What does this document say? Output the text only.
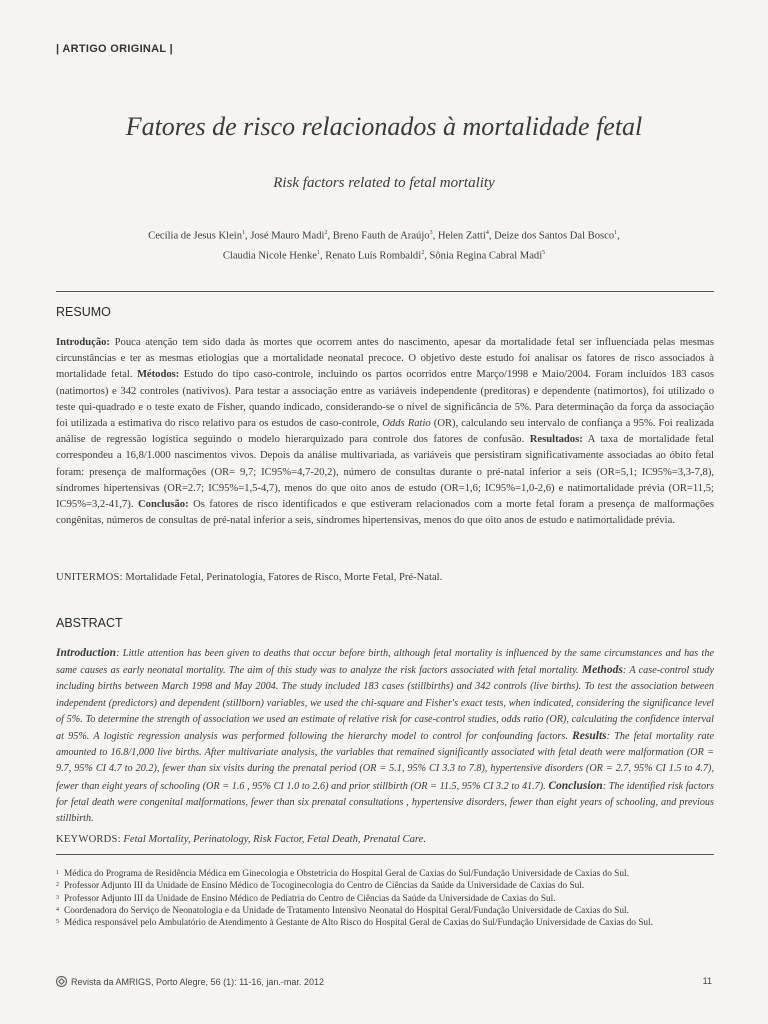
| ARTIGO ORIGINAL |
Fatores de risco relacionados à mortalidade fetal
Risk factors related to fetal mortality
Cecília de Jesus Klein$^1$, José Mauro Madi$^2$, Breno Fauth de Araújo$^3$, Helen Zatti$^4$, Deize dos Santos Dal Bosco$^1$,
Claudia Nicole Henke$^1$, Renato Luís Rombaldi$^2$, Sônia Regina Cabral Madi$^5$
RESUMO
Introdução: Pouca atenção tem sido dada às mortes que ocorrem antes do nascimento, apesar da mortalidade fetal ser influenciada pelas mesmas circunstâncias e ter as mesmas etiologias que a mortalidade neonatal precoce. O objetivo deste estudo foi analisar os fatores de risco associados à mortalidade fetal. Métodos: Estudo do tipo caso-controle, incluindo os partos ocorridos entre Março/1998 e Maio/2004. Foram incluídos 183 casos (natimortos) e 342 controles (nativivos). Para testar a associação entre as variáveis independente (preditoras) e dependente (natimortos), foi utilizado o teste qui-quadrado e o teste exato de Fisher, quando indicado, considerando-se o nível de significância de 5%. Para determinação da força da associação foi utilizada a estimativa do risco relativo para os estudos de caso-controle, Odds Ratio (OR), calculando seu intervalo de confiança a 95%. Foi realizada análise de regressão logística seguindo o modelo hierarquizado para controle dos fatores de confusão. Resultados: A taxa de mortalidade fetal correspondeu a 16,8/1.000 nascimentos vivos. Depois da análise multivariada, as variáveis que persistiram significativamente associadas ao óbito fetal foram: presença de malformações (OR= 9,7; IC95%=4,7-20,2), número de consultas durante o pré-natal inferior a seis (OR=5,1; IC95%=3,3-7,8), síndromes hipertensivas (OR=2.7; IC95%=1,5-4,7), menos do que oito anos de estudo (OR=1,6; IC95%=1,0-2,6) e natimortalidade prévia (OR=11,5; IC95%=3,2-41,7). Conclusão: Os fatores de risco identificados e que estiveram relacionados com a morte fetal foram a presença de malformações congênitas, números de consultas de pré-natal inferior a seis, síndromes hipertensivas, menos do que oito anos de estudo e natimortalidade prévia.
UNITERMOS: Mortalidade Fetal, Perinatologia, Fatores de Risco, Morte Fetal, Pré-Natal.
ABSTRACT
Introduction: Little attention has been given to deaths that occur before birth, although fetal mortality is influenced by the same circumstances and has the same causes as early neonatal mortality. The aim of this study was to analyze the risk factors associated with fetal mortality. Methods: A case-control study including births between March 1998 and May 2004. The study included 183 cases (stillbirths) and 342 controls (live births). To test the association between independent (predictors) and dependent (stillborn) variables, we used the chi-square and Fisher's exact tests, when indicated, considering the significance level of 5%. To determine the strength of association we used an estimate of relative risk for case-control studies, odds ratio (OR), calculating the confidence interval at 95%. A logistic regression analysis was performed following the hierarchy model to control for confounding factors. Results: The fetal mortality rate amounted to 16.8/1,000 live births. After multivariate analysis, the variables that remained significantly associated with fetal death were malformation (OR = 9.7, 95% CI 4.7 to 20.2), fewer than six visits during the prenatal period (OR = 5.1, 95% CI 3.3 to 7.8), hypertensive disorders (OR = 2.7, 95% CI 1.5 to 4.7), fewer than eight years of schooling (OR = 1.6 , 95% CI 1.0 to 2.6) and prior stillbirth (OR = 11.5, 95% CI 3.2 to 41.7). Conclusion: The identified risk factors for fetal death were congenital malformations, fewer than six prenatal consultations , hypertensive disorders, fewer than eight years of schooling, and previous stillbirth.
KEYWORDS: Fetal Mortality, Perinatology, Risk Factor, Fetal Death, Prenatal Care.
1 Médica do Programa de Residência Médica em Ginecologia e Obstetrícia do Hospital Geral de Caxias do Sul/Fundação Universidade de Caxias do Sul.
2 Professor Adjunto III da Unidade de Ensino Médico de Tocoginecologia do Centro de Ciências da Saúde da Universidade de Caxias do Sul.
3 Professor Adjunto III da Unidade de Ensino Médico de Pediatria do Centro de Ciências da Saúde da Universidade de Caxias do Sul.
4 Coordenadora do Serviço de Neonatologia e da Unidade de Tratamento Intensivo Neonatal do Hospital Geral/Fundação Universidade de Caxias do Sul.
5 Médica responsável pelo Ambulatório de Atendimento à Gestante de Alto Risco do Hospital Geral de Caxias do Sul/Fundação Universidade de Caxias do Sul.
Revista da AMRIGS, Porto Alegre, 56 (1): 11-16, jan.-mar. 2012	11
